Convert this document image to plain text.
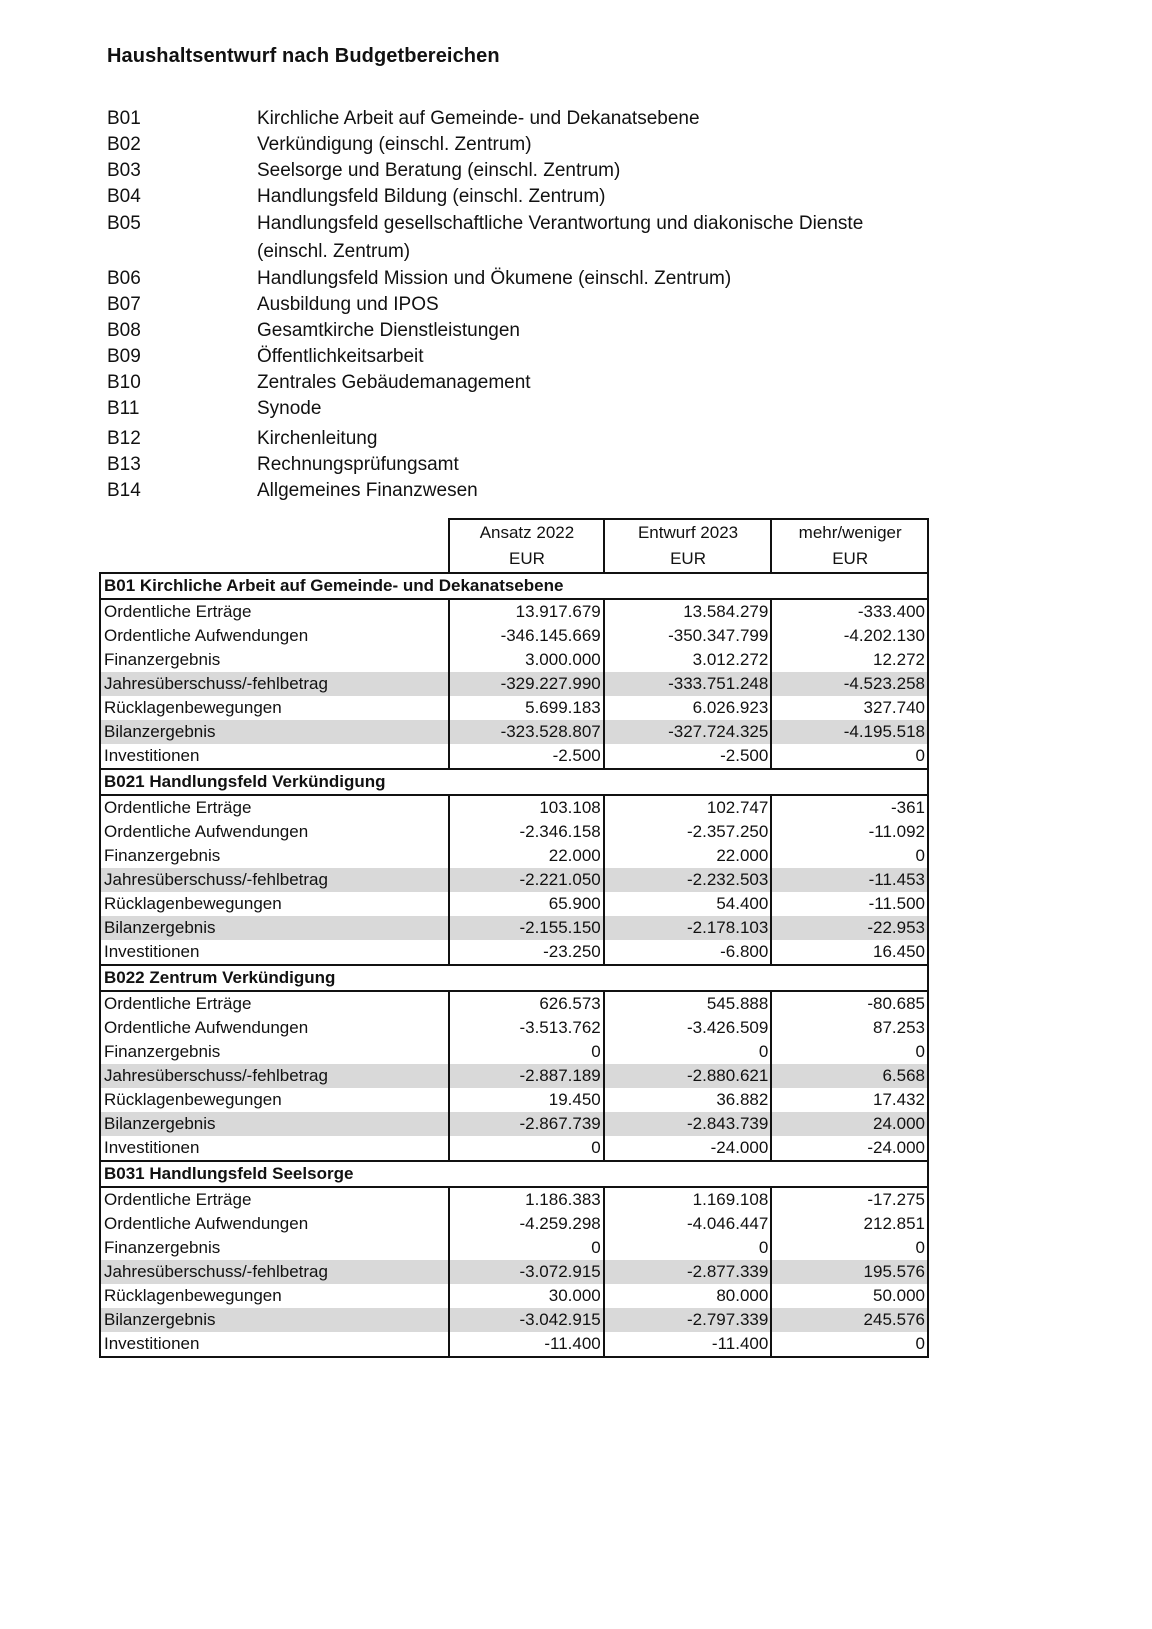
Haushaltsentwurf nach Budgetbereichen
B01	Kirchliche Arbeit auf Gemeinde- und Dekanatsebene
B02	Verkündigung (einschl. Zentrum)
B03	Seelsorge und Beratung (einschl. Zentrum)
B04	Handlungsfeld Bildung (einschl. Zentrum)
B05	Handlungsfeld gesellschaftliche Verantwortung und diakonische Dienste
(einschl. Zentrum)
B06	Handlungsfeld Mission und Ökumene (einschl. Zentrum)
B07	Ausbildung und IPOS
B08	Gesamtkirche Dienstleistungen
B09	Öffentlichkeitsarbeit
B10	Zentrales Gebäudemanagement
B11	Synode
B12	Kirchenleitung
B13	Rechnungsprüfungsamt
B14	Allgemeines Finanzwesen
	Ansatz 2022	Entwurf 2023	mehr/weniger
	EUR	EUR	EUR
B01 Kirchliche Arbeit auf Gemeinde- und Dekanatsebene			
Ordentliche Erträge	13.917.679	13.584.279	-333.400
Ordentliche Aufwendungen	-346.145.669	-350.347.799	-4.202.130
Finanzergebnis	3.000.000	3.012.272	12.272
Jahresüberschuss/-fehlbetrag	-329.227.990	-333.751.248	-4.523.258
Rücklagenbewegungen	5.699.183	6.026.923	327.740
Bilanzergebnis	-323.528.807	-327.724.325	-4.195.518
Investitionen	-2.500	-2.500	0
B021 Handlungsfeld Verkündigung			
Ordentliche Erträge	103.108	102.747	-361
Ordentliche Aufwendungen	-2.346.158	-2.357.250	-11.092
Finanzergebnis	22.000	22.000	0
Jahresüberschuss/-fehlbetrag	-2.221.050	-2.232.503	-11.453
Rücklagenbewegungen	65.900	54.400	-11.500
Bilanzergebnis	-2.155.150	-2.178.103	-22.953
Investitionen	-23.250	-6.800	16.450
B022 Zentrum Verkündigung			
Ordentliche Erträge	626.573	545.888	-80.685
Ordentliche Aufwendungen	-3.513.762	-3.426.509	87.253
Finanzergebnis	0	0	0
Jahresüberschuss/-fehlbetrag	-2.887.189	-2.880.621	6.568
Rücklagenbewegungen	19.450	36.882	17.432
Bilanzergebnis	-2.867.739	-2.843.739	24.000
Investitionen	0	-24.000	-24.000
B031 Handlungsfeld Seelsorge			
Ordentliche Erträge	1.186.383	1.169.108	-17.275
Ordentliche Aufwendungen	-4.259.298	-4.046.447	212.851
Finanzergebnis	0	0	0
Jahresüberschuss/-fehlbetrag	-3.072.915	-2.877.339	195.576
Rücklagenbewegungen	30.000	80.000	50.000
Bilanzergebnis	-3.042.915	-2.797.339	245.576
Investitionen	-11.400	-11.400	0
